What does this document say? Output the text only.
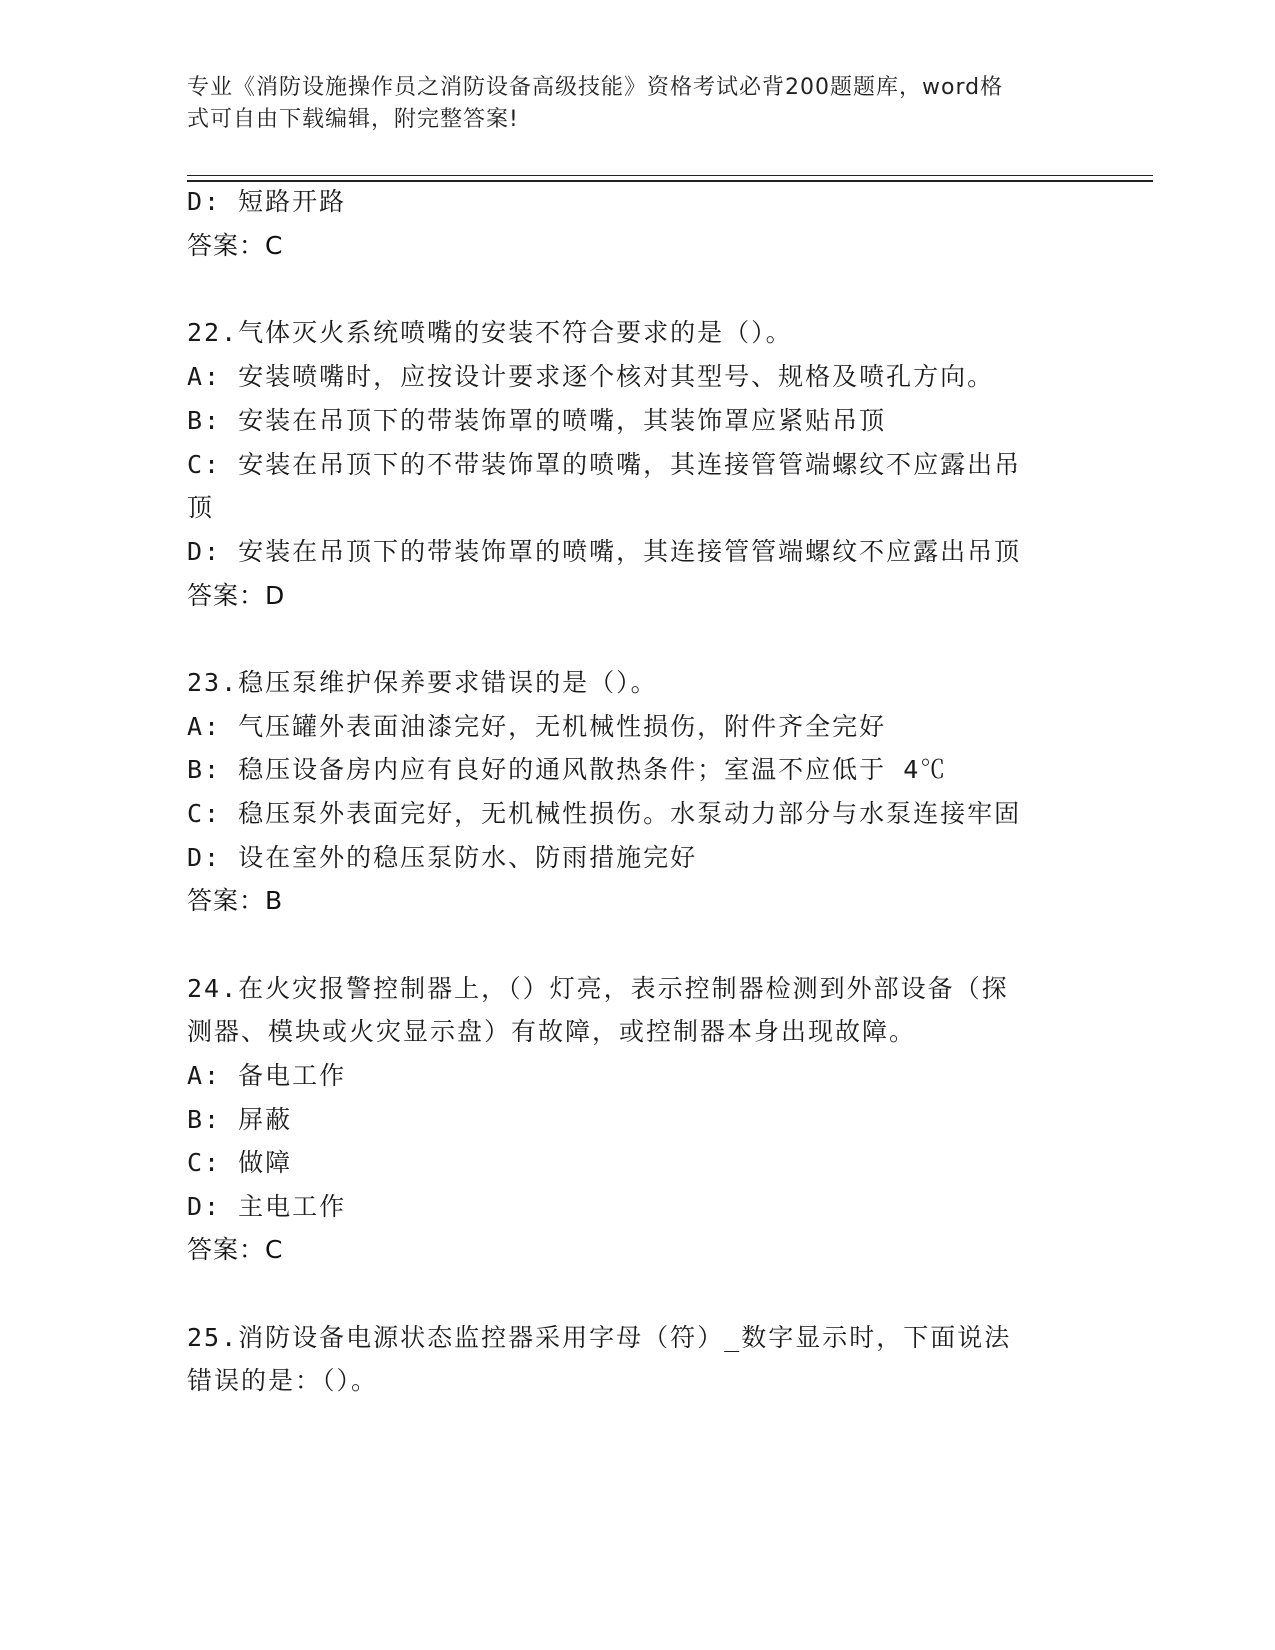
专业《消防设施操作员之消防设备高级技能》资格考试必背200题题库，word格
式可自由下载编辑，附完整答案!
D: 短路开路
答案：C
22.气体灭火系统喷嘴的安装不符合要求的是（）。
A: 安装喷嘴时，应按设计要求逐个核对其型号、规格及喷孔方向。
B: 安装在吊顶下的带装饰罩的喷嘴，其装饰罩应紧贴吊顶
C: 安装在吊顶下的不带装饰罩的喷嘴，其连接管管端螺纹不应露出吊
顶
D: 安装在吊顶下的带装饰罩的喷嘴，其连接管管端螺纹不应露出吊顶
答案：D
23.稳压泵维护保养要求错误的是（）。
A: 气压罐外表面油漆完好，无机械性损伤，附件齐全完好
B: 稳压设备房内应有良好的通风散热条件；室温不应低于 4℃
C: 稳压泵外表面完好，无机械性损伤。水泵动力部分与水泵连接牢固
D: 设在室外的稳压泵防水、防雨措施完好
答案：B
24.在火灾报警控制器上，（）灯亮，表示控制器检测到外部设备（探
测器、模块或火灾显示盘）有故障，或控制器本身出现故障。
A: 备电工作
B: 屏蔽
C: 做障
D: 主电工作
答案：C
25.消防设备电源状态监控器采用字母（符）_数字显示时，下面说法
错误的是：（）。
